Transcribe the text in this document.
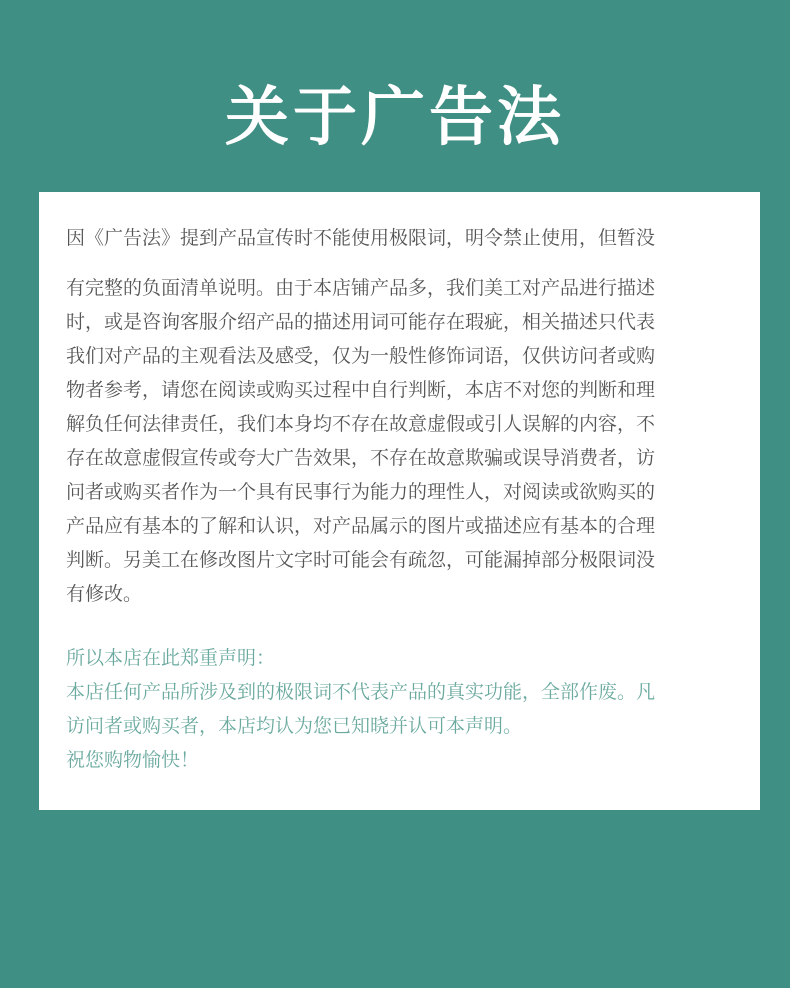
关于广告法

因《广告法》提到产品宣传时不能使用极限词，明令禁止使用，但暂没

有完整的负面清单说明。由于本店铺产品多，我们美工对产品进行描述
时，或是咨询客服介绍产品的描述用词可能存在瑕疵，相关描述只代表
我们对产品的主观看法及感受，仅为一般性修饰词语，仅供访问者或购
物者参考，请您在阅读或购买过程中自行判断，本店不对您的判断和理
解负任何法律责任，我们本身均不存在故意虚假或引人误解的内容，不
存在故意虚假宣传或夸大广告效果，不存在故意欺骗或误导消费者，访
问者或购买者作为一个具有民事行为能力的理性人，对阅读或欲购买的
产品应有基本的了解和认识，对产品属示的图片或描述应有基本的合理
判断。另美工在修改图片文字时可能会有疏忽，可能漏掉部分极限词没
有修改。
所以本店在此郑重声明：
本店任何产品所涉及到的极限词不代表产品的真实功能，全部作废。凡
访问者或购买者，本店均认为您已知晓并认可本声明。
祝您购物愉快！
